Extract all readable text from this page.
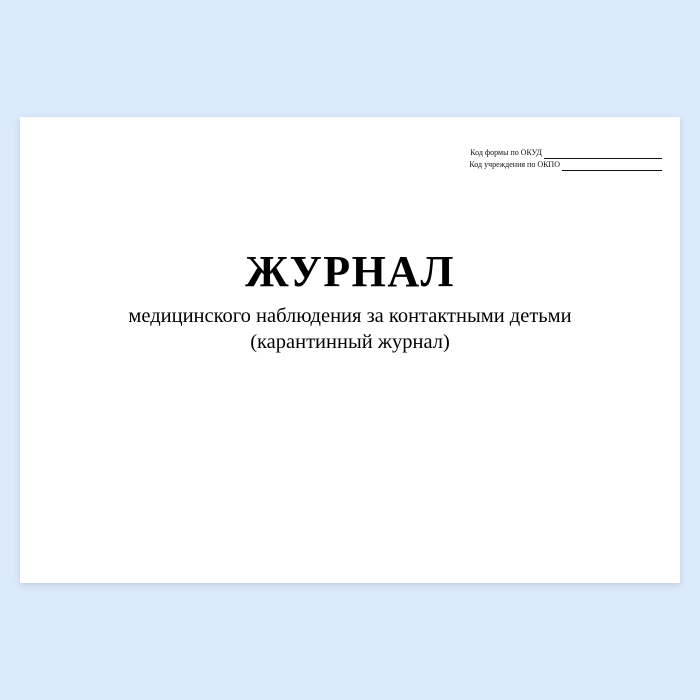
Код формы по ОКУД
Код учреждения по ОКПО
ЖУРНАЛ

медицинского наблюдения за контактными детьми

(карантинный журнал)
